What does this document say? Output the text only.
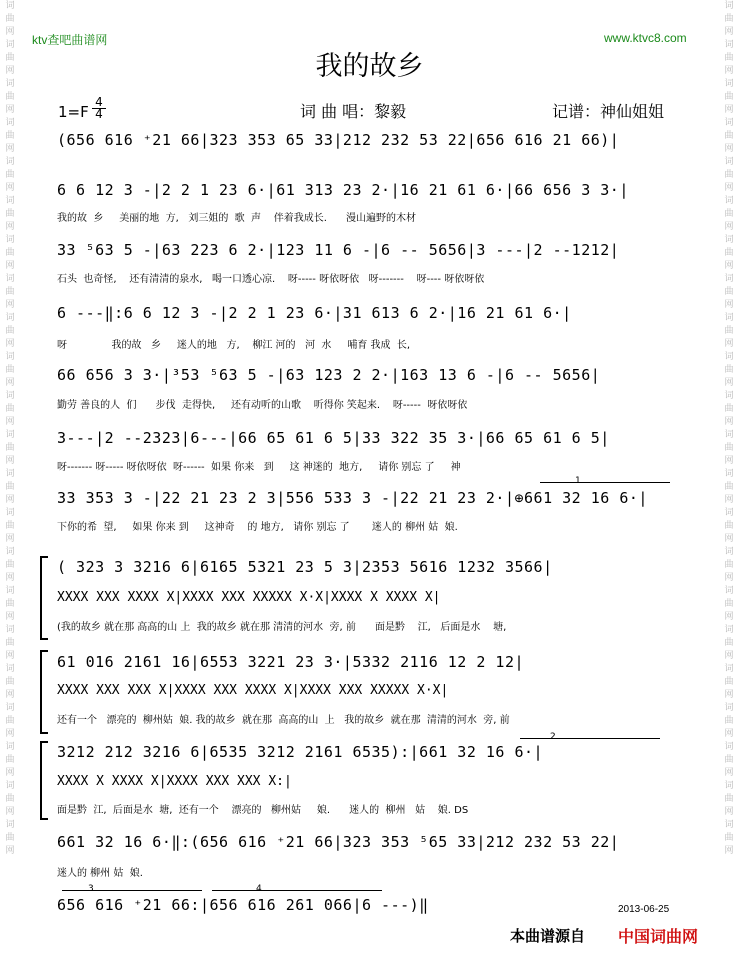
词曲网词曲网词曲网词曲网词曲网词曲网词曲网词曲网词曲网词曲网词曲网词曲网词曲网词曲网词曲网词曲网词曲网词曲网词曲网词曲网词曲网词曲网
词曲网词曲网词曲网词曲网词曲网词曲网词曲网词曲网词曲网词曲网词曲网词曲网词曲网词曲网词曲网词曲网词曲网词曲网词曲网词曲网词曲网词曲网
ktv查吧曲谱网	www.ktvc8.com
我的故乡
词 曲 唱：黎毅	记谱：神仙姐姐
1=F
4
4
(656 616 ⁺21 66|323 353 65 33|212 232 53 22|656 616 21 66)|
6 6 12 3 -|2 2 1 23 6·|61 313 23 2·|16 21 61 6·|66 656 3 3·|
我的故  乡     美丽的地  方,   刘三姐的  歌  声    伴着我成长.      漫山遍野的木材
33 ⁵63 5 -|63 223 6 2·|123 11 6 -|6 -- 5656|3 ---|2 --1212|
石头  也奇怪,    还有清清的泉水,   喝一口透心凉.    呀----- 呀依呀依   呀-------    呀---- 呀依呀依
6 ---‖:6 6 12 3 -|2 2 1 23 6·|31 613 6 2·|16 21 61 6·|
呀              我的故   乡     迷人的地   方,    柳江 河的   河  水     哺育 我成  长,
66 656 3 3·|³53 ⁵63 5 -|63 123 2 2·|163 13 6 -|6 -- 5656|
勤劳 善良的人  们      步伐  走得快,     还有动听的山歌    听得你 笑起来.    呀-----  呀依呀依
3---|2 --2323|6---|66 65 61 6 5|33 322 35 3·|66 65 61 6 5|
呀------- 呀----- 呀依呀依  呀------  如果 你来   到     这 神迷的  地方,     请你 别忘 了     神
33 353 3 -|22 21 23 2 3|556 533 3 -|22 21 23 2·|⊕661 32 16 6·|
下你的希  望,     如果 你来 到     这神奇    的 地方,   请你 别忘 了       迷人的 柳州 姑  娘.
( 323 3 3216 6|6165 5321 23 5 3|2353 5616 1232 3566|
XXXX XXX XXXX X|XXXX XXX XXXXX X·X|XXXX X XXXX X|
(我的故乡 就在那 高高的山 上  我的故乡 就在那 清清的河水  旁, 前      面是黔    江,   后面是水    塘,
61 016 2161 16|6553 3221 23 3·|5332 2116 12 2 12|
XXXX XXX XXX X|XXXX XXX XXXX X|XXXX XXX XXXXX X·X|
还有一个   漂亮的  柳州姑  娘. 我的故乡  就在那  高高的山  上   我的故乡  就在那  清清的河水  旁, 前
3212 212 3216 6|6535 3212 2161 6535):|661 32 16 6·|
XXXX X XXXX X|XXXX XXX XXX X:|
面是黔  江,  后面是水  塘,  还有一个    漂亮的   柳州姑     娘.      迷人的  柳州   姑    娘. DS
661 32 16 6·‖:(656 616 ⁺21 66|323 353 ⁵65 33|212 232 53 22|
迷人的 柳州 姑  娘.
656 616 ⁺21 66:|656 616 261 066|6 ---)‖
1
2
3	4
2013-06-25
本曲谱源自 中国词曲网
